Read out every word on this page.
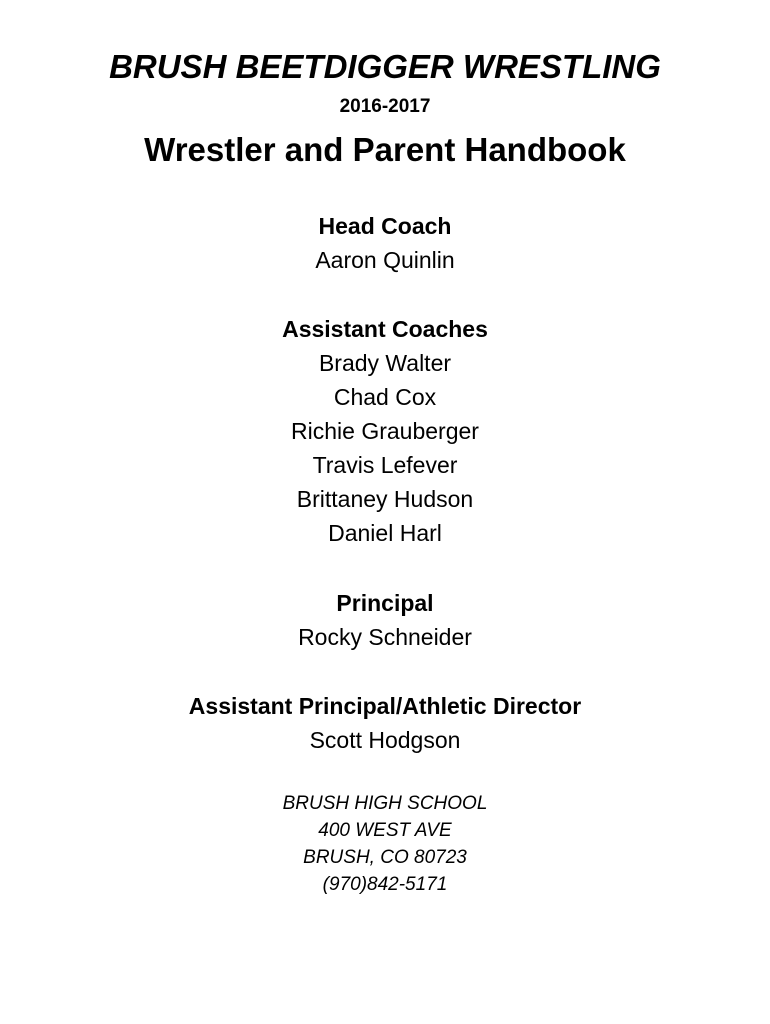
BRUSH BEETDIGGER WRESTLING
2016-2017
Wrestler and Parent Handbook

Head Coach

Aaron Quinlin

Assistant Coaches

Brady Walter

Chad Cox

Richie Grauberger

Travis Lefever

Brittaney Hudson

Daniel Harl

Principal

Rocky Schneider

Assistant Principal/Athletic Director

Scott Hodgson

BRUSH HIGH SCHOOL

400 WEST AVE

BRUSH, CO 80723

(970)842-5171
